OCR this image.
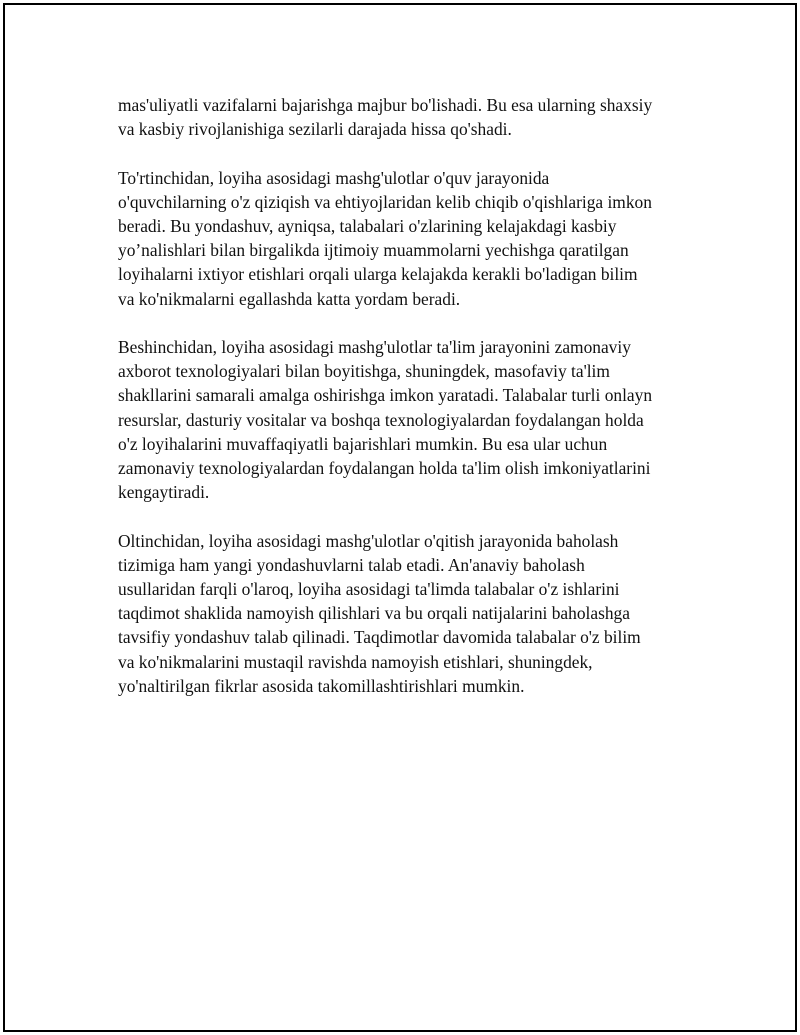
mas'uliyatli vazifalarni bajarishga majbur bo'lishadi. Bu esa ularning shaxsiy
va kasbiy rivojlanishiga sezilarli darajada hissa qo'shadi.

To'rtinchidan, loyiha asosidagi mashg'ulotlar o'quv jarayonida
o'quvchilarning o'z qiziqish va ehtiyojlaridan kelib chiqib o'qishlariga imkon
beradi. Bu yondashuv, ayniqsa, talabalari o'zlarining kelajakdagi kasbiy
yo’nalishlari bilan birgalikda ijtimoiy muammolarni yechishga qaratilgan
loyihalarni ixtiyor etishlari orqali ularga kelajakda kerakli bo'ladigan bilim
va ko'nikmalarni egallashda katta yordam beradi.

Beshinchidan, loyiha asosidagi mashg'ulotlar ta'lim jarayonini zamonaviy
axborot texnologiyalari bilan boyitishga, shuningdek, masofaviy ta'lim
shakllarini samarali amalga oshirishga imkon yaratadi. Talabalar turli onlayn
resurslar, dasturiy vositalar va boshqa texnologiyalardan foydalangan holda
o'z loyihalarini muvaffaqiyatli bajarishlari mumkin. Bu esa ular uchun
zamonaviy texnologiyalardan foydalangan holda ta'lim olish imkoniyatlarini
kengaytiradi.

Oltinchidan, loyiha asosidagi mashg'ulotlar o'qitish jarayonida baholash
tizimiga ham yangi yondashuvlarni talab etadi. An'anaviy baholash
usullaridan farqli o'laroq, loyiha asosidagi ta'limda talabalar o'z ishlarini
taqdimot shaklida namoyish qilishlari va bu orqali natijalarini baholashga
tavsifiy yondashuv talab qilinadi. Taqdimotlar davomida talabalar o'z bilim
va ko'nikmalarini mustaqil ravishda namoyish etishlari, shuningdek,
yo'naltirilgan fikrlar asosida takomillashtirishlari mumkin.
